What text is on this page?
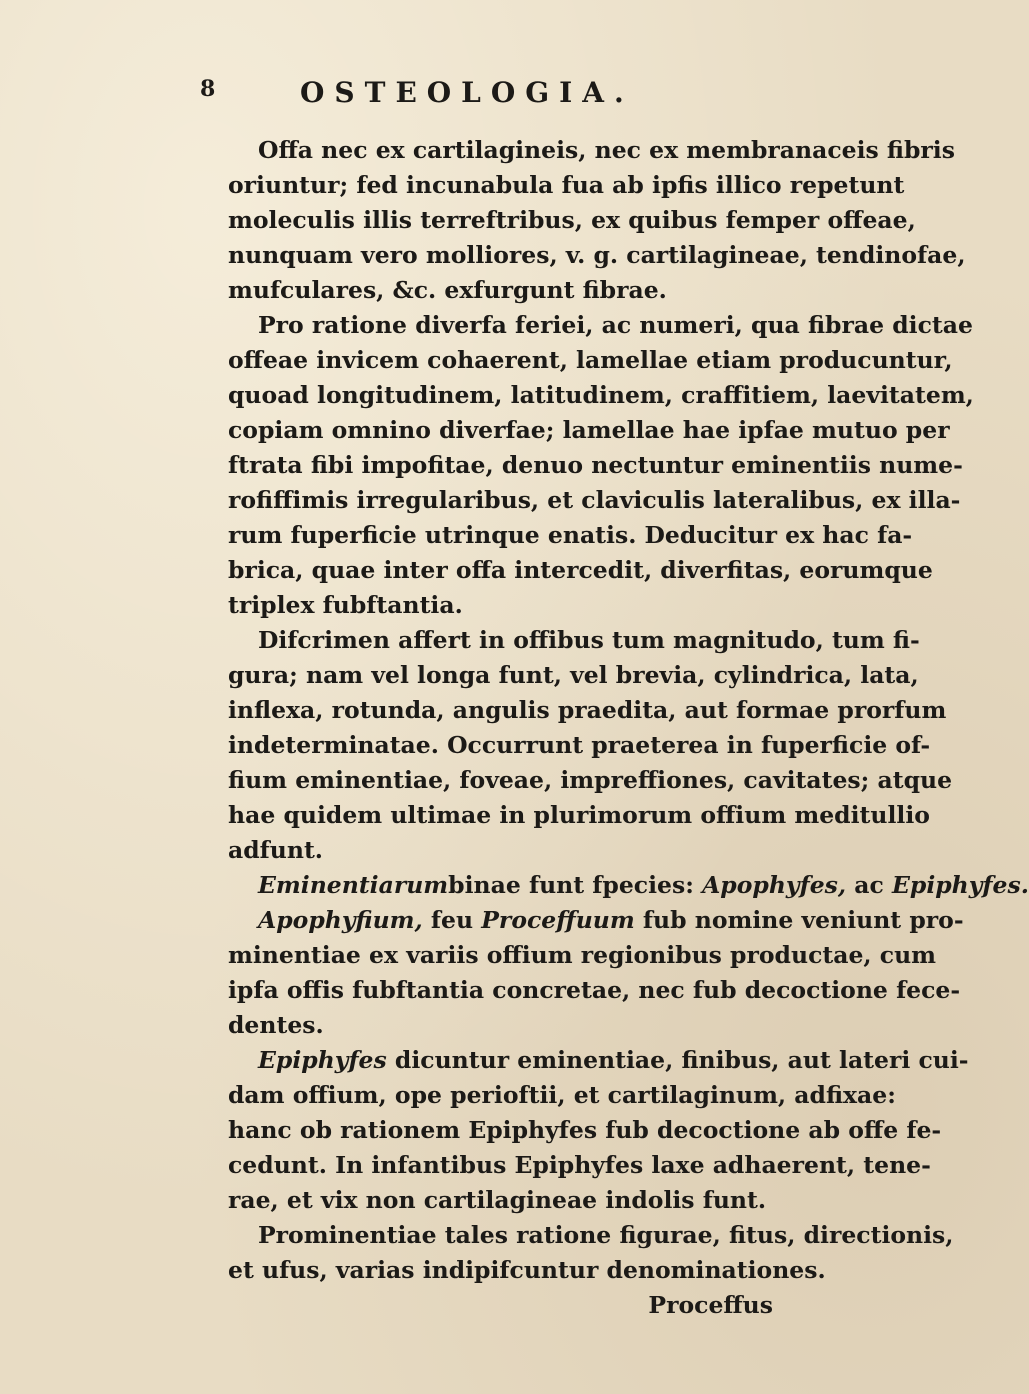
8	OSTEOLOGIA.
Offa nec ex cartilagineis, nec ex membranaceis fibris
oriuntur; fed incunabula fua ab ipfis illico repetunt
moleculis illis terreftribus, ex quibus femper offeae,
nunquam vero molliores, v. g. cartilagineae, tendinofae,
mufculares, &c. exfurgunt fibrae.
Pro ratione diverfa feriei, ac numeri, qua fibrae dictae
offeae invicem cohaerent, lamellae etiam producuntur,
quoad longitudinem, latitudinem, craffitiem, laevitatem,
copiam omnino diverfae; lamellae hae ipfae mutuo per
ftrata fibi impofitae, denuo nectuntur eminentiis nume-
rofiffimis irregularibus, et claviculis lateralibus, ex illa-
rum fuperficie utrinque enatis. Deducitur ex hac fa-
brica, quae inter offa intercedit, diverfitas, eorumque
triplex fubftantia.
Difcrimen affert in offibus tum magnitudo, tum fi-
gura; nam vel longa funt, vel brevia, cylindrica, lata,
inflexa, rotunda, angulis praedita, aut formae prorfum
indeterminatae. Occurrunt praeterea in fuperficie of-
fium eminentiae, foveae, impreffiones, cavitates; atque
hae quidem ultimae in plurimorum offium meditullio
adfunt.
Eminentiarumbinae funt fpecies: Apophyfes, ac Epiphyfes.
Apophyfium, feu Proceffuum fub nomine veniunt pro-
minentiae ex variis offium regionibus productae, cum
ipfa offis fubftantia concretae, nec fub decoctione fece-
dentes.
Epiphyfes dicuntur eminentiae, finibus, aut lateri cui-
dam offium, ope perioftii, et cartilaginum, adfixae:
hanc ob rationem Epiphyfes fub decoctione ab offe fe-
cedunt. In infantibus Epiphyfes laxe adhaerent, tene-
rae, et vix non cartilagineae indolis funt.
Prominentiae tales ratione figurae, fitus, directionis,
et ufus, varias indipifcuntur denominationes.
Proceffus
